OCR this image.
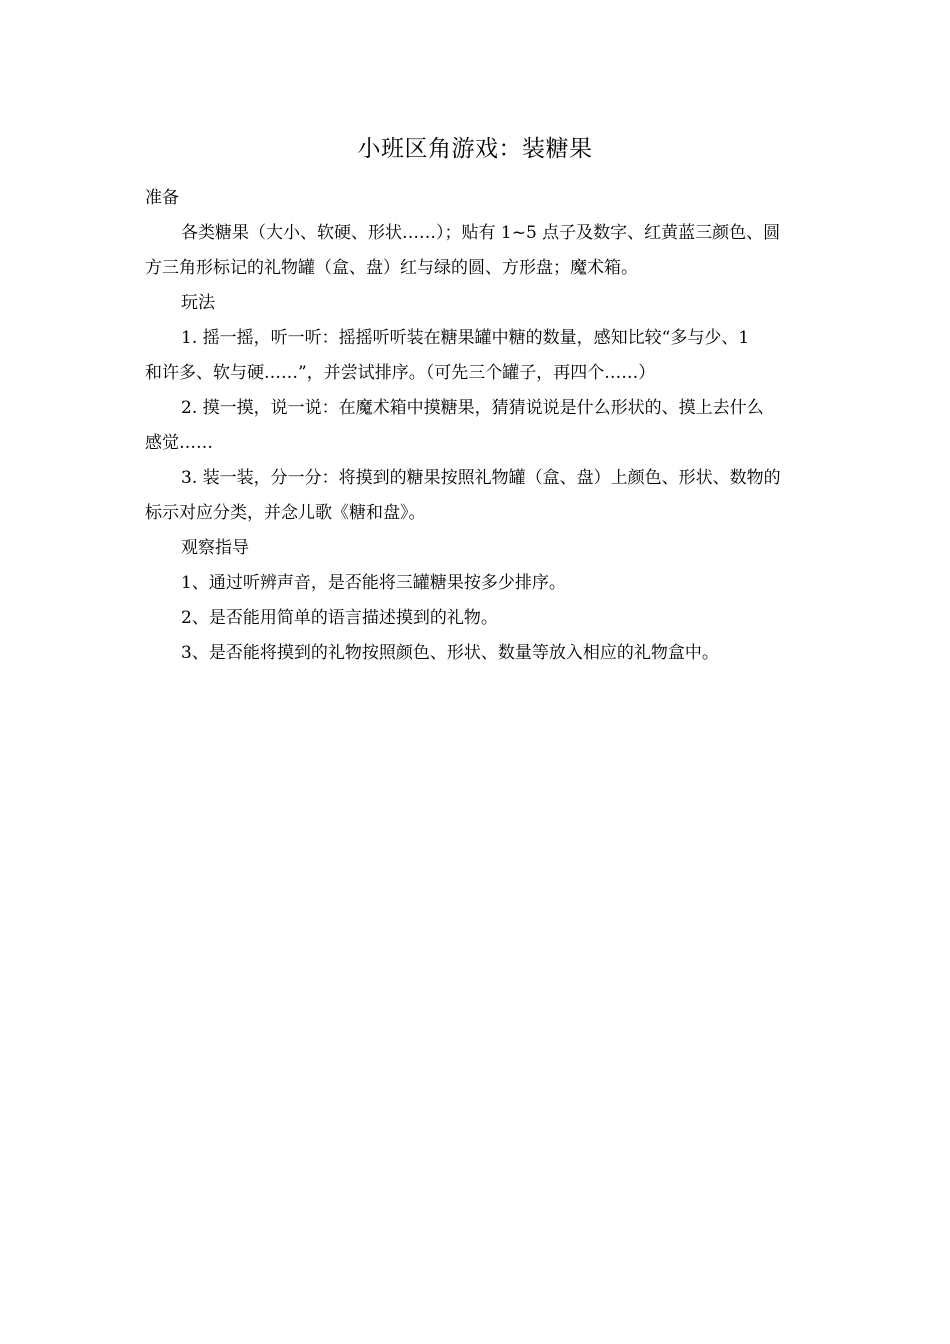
小班区角游戏：装糖果
准备
各类糖果（大小、软硬、形状……）；贴有 1~5 点子及数字、红黄蓝三颜色、圆
方三角形标记的礼物罐（盒、盘）红与绿的圆、方形盘；魔术箱。
玩法
1. 摇一摇，听一听：摇摇听听装在糖果罐中糖的数量，感知比较“多与少、1
和许多、软与硬……”，并尝试排序。（可先三个罐子，再四个……）
2. 摸一摸，说一说：在魔术箱中摸糖果，猜猜说说是什么形状的、摸上去什么
感觉……
3. 装一装，分一分：将摸到的糖果按照礼物罐（盒、盘）上颜色、形状、数物的
标示对应分类，并念儿歌《糖和盘》。
观察指导
1、通过听辨声音，是否能将三罐糖果按多少排序。
2、是否能用简单的语言描述摸到的礼物。
3、是否能将摸到的礼物按照颜色、形状、数量等放入相应的礼物盒中。
